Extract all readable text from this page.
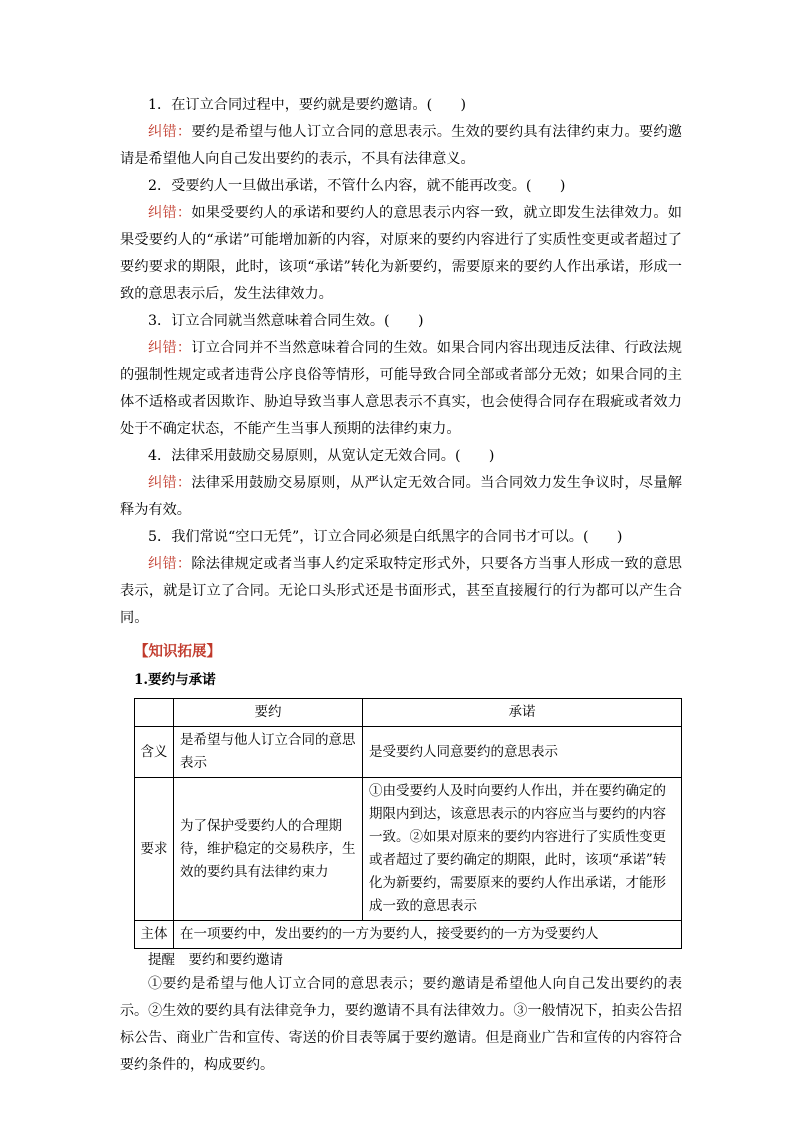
1．在订立合同过程中，要约就是要约邀请。(　　)

纠错：要约是希望与他人订立合同的意思表示。生效的要约具有法律约束力。要约邀请是希望他人向自己发出要约的表示，不具有法律意义。

2．受要约人一旦做出承诺，不管什么内容，就不能再改变。(　　)

纠错：如果受要约人的承诺和要约人的意思表示内容一致，就立即发生法律效力。如果受要约人的“承诺”可能增加新的内容，对原来的要约内容进行了实质性变更或者超过了要约要求的期限，此时，该项“承诺”转化为新要约，需要原来的要约人作出承诺，形成一致的意思表示后，发生法律效力。

3．订立合同就当然意味着合同生效。(　　)

纠错：订立合同并不当然意味着合同的生效。如果合同内容出现违反法律、行政法规的强制性规定或者违背公序良俗等情形，可能导致合同全部或者部分无效；如果合同的主体不适格或者因欺诈、胁迫导致当事人意思表示不真实，也会使得合同存在瑕疵或者效力处于不确定状态，不能产生当事人预期的法律约束力。

4．法律采用鼓励交易原则，从宽认定无效合同。(　　)

纠错：法律采用鼓励交易原则，从严认定无效合同。当合同效力发生争议时，尽量解释为有效。

5．我们常说“空口无凭”，订立合同必须是白纸黑字的合同书才可以。(　　)

纠错：除法律规定或者当事人约定采取特定形式外，只要各方当事人形成一致的意思表示，就是订立了合同。无论口头形式还是书面形式，甚至直接履行的行为都可以产生合同。

【知识拓展】

1.要约与承诺

	要约	承诺
含义	是希望与他人订立合同的意思表示	是受要约人同意要约的意思表示
要求	为了保护受要约人的合理期待，维护稳定的交易秩序，生效的要约具有法律约束力	①由受要约人及时向要约人作出，并在要约确定的期限内到达，该意思表示的内容应当与要约的内容一致。②如果对原来的要约内容进行了实质性变更或者超过了要约确定的期限，此时，该项“承诺”转化为新要约，需要原来的要约人作出承诺，才能形成一致的意思表示
主体	在一项要约中，发出要约的一方为要约人，接受要约的一方为受要约人	

提醒　要约和要约邀请

①要约是希望与他人订立合同的意思表示；要约邀请是希望他人向自己发出要约的表示。②生效的要约具有法律竞争力，要约邀请不具有法律效力。③一般情况下，拍卖公告招标公告、商业广告和宣传、寄送的价目表等属于要约邀请。但是商业广告和宣传的内容符合要约条件的，构成要约。
